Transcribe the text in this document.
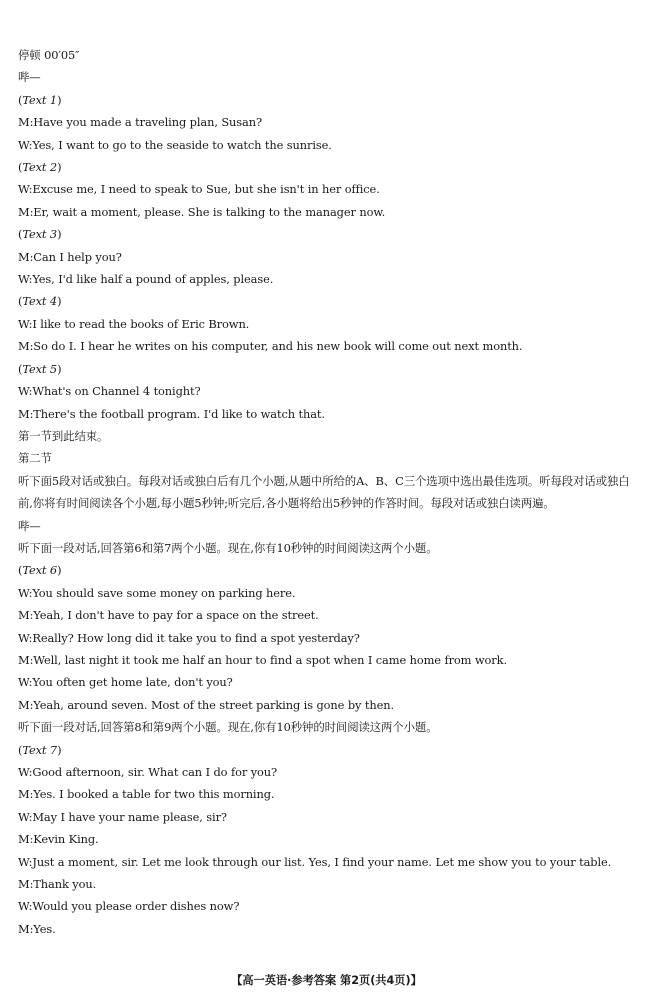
停顿 00′05″
哔—
(Text 1)
M:Have you made a traveling plan, Susan?
W:Yes, I want to go to the seaside to watch the sunrise.
(Text 2)
W:Excuse me, I need to speak to Sue, but she isn't in her office.
M:Er, wait a moment, please. She is talking to the manager now.
(Text 3)
M:Can I help you?
W:Yes, I'd like half a pound of apples, please.
(Text 4)
W:I like to read the books of Eric Brown.
M:So do I. I hear he writes on his computer, and his new book will come out next month.
(Text 5)
W:What's on Channel 4 tonight?
M:There's the football program. I'd like to watch that.
第一节到此结束。
第二节
听下面5段对话或独白。每段对话或独白后有几个小题,从题中所给的A、B、C三个选项中选出最佳选项。听每段对话或独白前,你将有时间阅读各个小题,每小题5秒钟;听完后,各小题将给出5秒钟的作答时间。每段对话或独白读两遍。
哔—
听下面一段对话,回答第6和第7两个小题。现在,你有10秒钟的时间阅读这两个小题。
(Text 6)
W:You should save some money on parking here.
M:Yeah, I don't have to pay for a space on the street.
W:Really? How long did it take you to find a spot yesterday?
M:Well, last night it took me half an hour to find a spot when I came home from work.
W:You often get home late, don't you?
M:Yeah, around seven. Most of the street parking is gone by then.
听下面一段对话,回答第8和第9两个小题。现在,你有10秒钟的时间阅读这两个小题。
(Text 7)
W:Good afternoon, sir. What can I do for you?
M:Yes. I booked a table for two this morning.
W:May I have your name please, sir?
M:Kevin King.
W:Just a moment, sir. Let me look through our list. Yes, I find your name. Let me show you to your table.
M:Thank you.
W:Would you please order dishes now?
M:Yes.
【高一英语·参考答案 第2页(共4页)】
